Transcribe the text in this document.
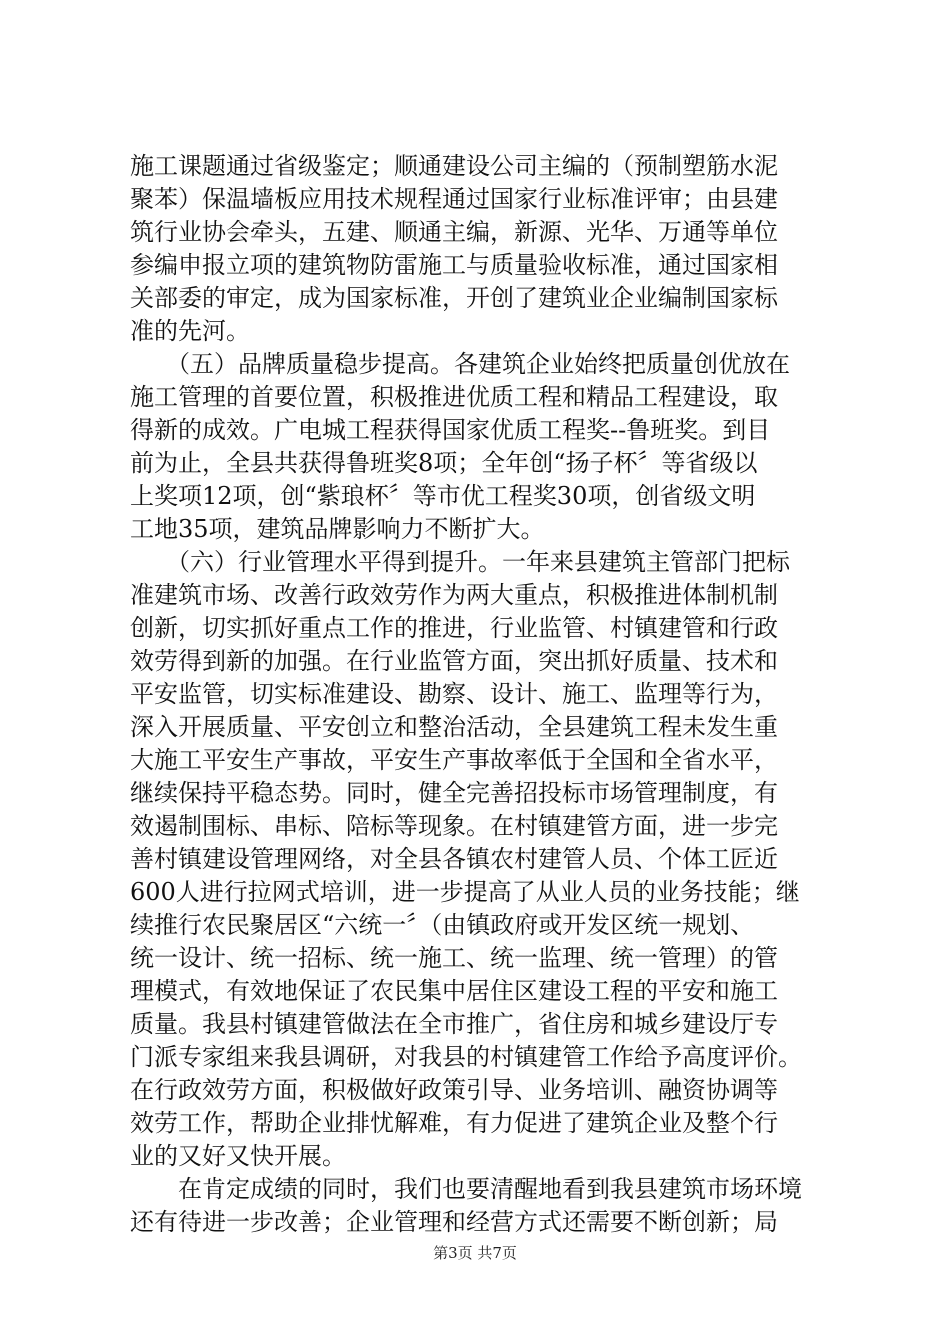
施工课题通过省级鉴定；顺通建设公司主编的（预制塑筋水泥
聚苯）保温墙板应用技术规程通过国家行业标准评审；由县建
筑行业协会牵头，五建、顺通主编，新源、光华、万通等单位
参编申报立项的建筑物防雷施工与质量验收标准，通过国家相
关部委的审定，成为国家标准，开创了建筑业企业编制国家标
准的先河。
　　（五）品牌质量稳步提高。各建筑企业始终把质量创优放在
施工管理的首要位置，积极推进优质工程和精品工程建设，取
得新的成效。广电城工程获得国家优质工程奖--鲁班奖。到目
前为止，全县共获得鲁班奖8项；全年创“扬子杯〞等省级以
上奖项12项，创“紫琅杯〞等市优工程奖30项，创省级文明
工地35项，建筑品牌影响力不断扩大。
　　（六）行业管理水平得到提升。一年来县建筑主管部门把标
准建筑市场、改善行政效劳作为两大重点，积极推进体制机制
创新，切实抓好重点工作的推进，行业监管、村镇建管和行政
效劳得到新的加强。在行业监管方面，突出抓好质量、技术和
平安监管，切实标准建设、勘察、设计、施工、监理等行为，
深入开展质量、平安创立和整治活动，全县建筑工程未发生重
大施工平安生产事故，平安生产事故率低于全国和全省水平，
继续保持平稳态势。同时，健全完善招投标市场管理制度，有
效遏制围标、串标、陪标等现象。在村镇建管方面，进一步完
善村镇建设管理网络，对全县各镇农村建管人员、个体工匠近
600人进行拉网式培训，进一步提高了从业人员的业务技能；继
续推行农民聚居区“六统一〞（由镇政府或开发区统一规划、
统一设计、统一招标、统一施工、统一监理、统一管理）的管
理模式，有效地保证了农民集中居住区建设工程的平安和施工
质量。我县村镇建管做法在全市推广，省住房和城乡建设厅专
门派专家组来我县调研，对我县的村镇建管工作给予高度评价。
在行政效劳方面，积极做好政策引导、业务培训、融资协调等
效劳工作，帮助企业排忧解难，有力促进了建筑企业及整个行
业的又好又快开展。
　　在肯定成绩的同时，我们也要清醒地看到我县建筑市场环境
还有待进一步改善；企业管理和经营方式还需要不断创新；局
第3页 共7页
